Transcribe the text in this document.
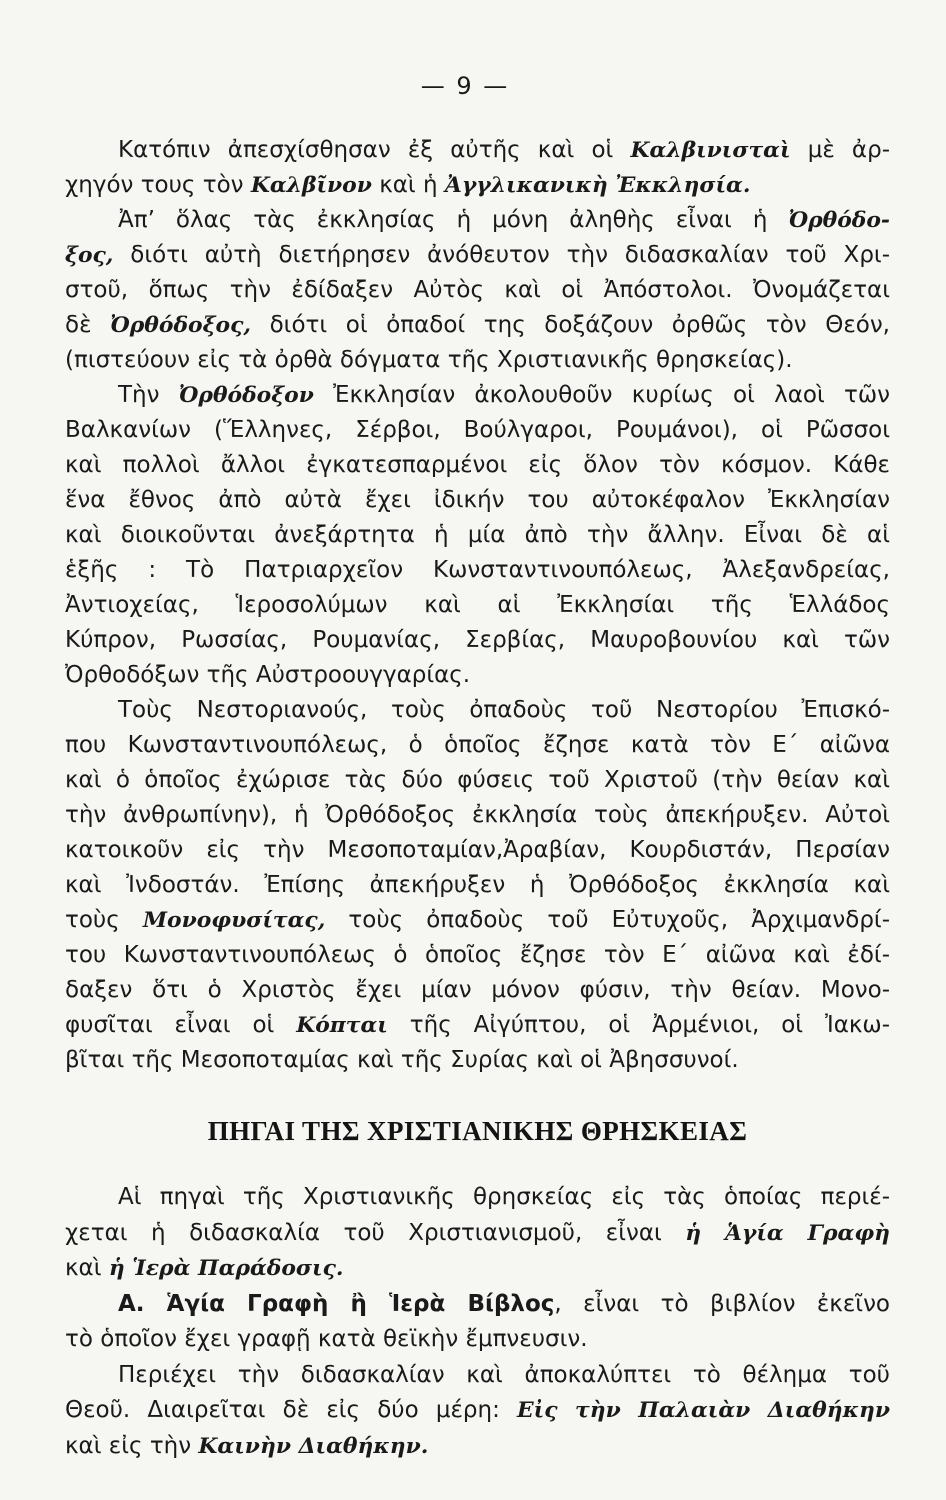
— 9 —
Κατόπιν ἀπεσχίσθησαν ἐξ αὐτῆς καὶ οἱ Καλβινισταὶ μὲ ἀρ-
χηγόν τους τὸν Καλβῖνον καὶ ἡ Ἀγγλικανικὴ Ἐκκλησία.
Ἀπ’ ὅλας τὰς ἐκκλησίας ἡ μόνη ἀληθὴς εἶναι ἡ Ὀρθόδο-
ξος, διότι αὐτὴ διετήρησεν ἀνόθευτον τὴν διδασκαλίαν τοῦ Χρι-
στοῦ, ὅπως τὴν ἐδίδαξεν Αὐτὸς καὶ οἱ Ἀπόστολοι. Ὀνομάζεται
δὲ Ὀρθόδοξος, διότι οἱ ὀπαδοί της δοξάζουν ὀρθῶς τὸν Θεόν,
(πιστεύουν εἰς τὰ ὀρθὰ δόγματα τῆς Χριστιανικῆς θρησκείας).
Τὴν Ὀρθόδοξον Ἐκκλησίαν ἀκολουθοῦν κυρίως οἱ λαοὶ τῶν
Βαλκανίων (Ἕλληνες, Σέρβοι, Βούλγαροι, Ρουμάνοι), οἱ Ρῶσσοι
καὶ πολλοὶ ἄλλοι ἐγκατεσπαρμένοι εἰς ὅλον τὸν κόσμον. Κάθε
ἕνα ἔθνος ἀπὸ αὐτὰ ἔχει ἰδικήν του αὐτοκέφαλον Ἐκκλησίαν
καὶ διοικοῦνται ἀνεξάρτητα ἡ μία ἀπὸ τὴν ἄλλην. Εἶναι δὲ αἱ
ἑξῆς : Τὸ Πατριαρχεῖον Κωνσταντινουπόλεως, Ἀλεξανδρείας,
Ἀντιοχείας, Ἱεροσολύμων καὶ αἱ Ἐκκλησίαι τῆς Ἑλλάδος
Κύπρον, Ρωσσίας, Ρουμανίας, Σερβίας, Μαυροβουνίου καὶ τῶν
Ὀρθοδόξων τῆς Αὐστροουγγαρίας.
Τοὺς Νεστοριανούς, τοὺς ὀπαδοὺς τοῦ Νεστορίου Ἐπισκό-
που Κωνσταντινουπόλεως, ὁ ὁποῖος ἔζησε κατὰ τὸν Ε΄ αἰῶνα
καὶ ὁ ὁποῖος ἐχώρισε τὰς δύο φύσεις τοῦ Χριστοῦ (τὴν θείαν καὶ
τὴν ἀνθρωπίνην), ἡ Ὀρθόδοξος ἐκκλησία τοὺς ἀπεκήρυξεν. Αὐτοὶ
κατοικοῦν εἰς τὴν Μεσοποταμίαν,Ἀραβίαν, Κουρδιστάν, Περσίαν
καὶ Ἰνδοστάν. Ἐπίσης ἀπεκήρυξεν ἡ Ὀρθόδοξος ἐκκλησία καὶ
τοὺς Μονοφυσίτας, τοὺς ὀπαδοὺς τοῦ Εὐτυχοῦς, Ἀρχιμανδρί-
του Κωνσταντινουπόλεως ὁ ὁποῖος ἔζησε τὸν Ε΄ αἰῶνα καὶ ἐδί-
δαξεν ὅτι ὁ Χριστὸς ἔχει μίαν μόνον φύσιν, τὴν θείαν. Μονο-
φυσῖται εἶναι οἱ Κόπται τῆς Αἰγύπτου, οἱ Ἀρμένιοι, οἱ Ἰακω-
βῖται τῆς Μεσοποταμίας καὶ τῆς Συρίας καὶ οἱ Ἀβησσυνοί.
ΠΗΓΑΙ ΤΗΣ ΧΡΙΣΤΙΑΝΙΚΗΣ ΘΡΗΣΚΕΙΑΣ
Αἱ πηγαὶ τῆς Χριστιανικῆς θρησκείας εἰς τὰς ὁποίας περιέ-
χεται ἡ διδασκαλία τοῦ Χριστιανισμοῦ, εἶναι ἡ Ἁγία Γραφὴ
καὶ ἡ Ἱερὰ Παράδοσις.
Α. Ἁγία Γραφὴ ἢ Ἱερὰ Βίβλος, εἶναι τὸ βιβλίον ἐκεῖνο
τὸ ὁποῖον ἔχει γραφῇ κατὰ θεϊκὴν ἔμπνευσιν.
Περιέχει τὴν διδασκαλίαν καὶ ἀποκαλύπτει τὸ θέλημα τοῦ
Θεοῦ. Διαιρεῖται δὲ εἰς δύο μέρη: Εἰς τὴν Παλαιὰν Διαθήκην
καὶ εἰς τὴν Καινὴν Διαθήκην.
